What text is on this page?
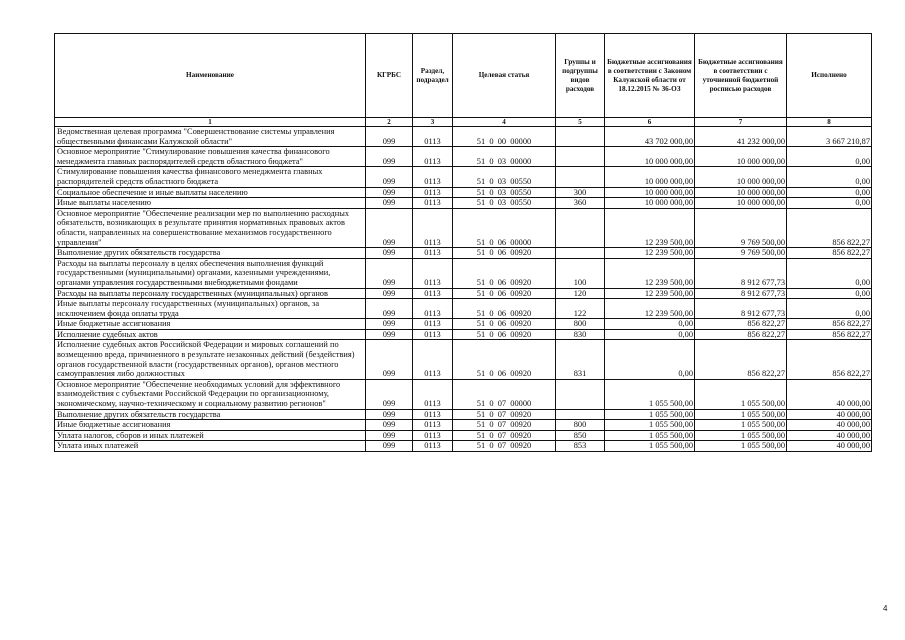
Наименование	КГРБС	Раздел, подраздел	Целевая статья	Группы и подгруппы видов расходов	Бюджетные ассигнования в соответствии с Законом Калужской области от 18.12.2015 № 36-ОЗ	Бюджетные ассигнования в соответствии с уточненной бюджетной росписью расходов	Исполнено
1	2	3	4	5	6	7	8
Ведомственная целевая программа "Совершенствование системы управления общественными финансами Калужской области"	099	0113	51  0  00  00000		43 702 000,00	41 232 000,00	3 667 210,87
Основное мероприятие "Стимулирование повышения качества финансового менеджмента главных распорядителей средств областного бюджета"	099	0113	51  0  03  00000		10 000 000,00	10 000 000,00	0,00
Стимулирование повышения качества финансового менеджмента главных распорядителей средств областного бюджета	099	0113	51  0  03  00550		10 000 000,00	10 000 000,00	0,00
Социальное обеспечение и иные выплаты населению	099	0113	51  0  03  00550	300	10 000 000,00	10 000 000,00	0,00
Иные выплаты населению	099	0113	51  0  03  00550	360	10 000 000,00	10 000 000,00	0,00
Основное мероприятие "Обеспечение реализации мер по выполнению расходных обязательств, возникающих в результате принятия нормативных правовых актов области, направленных на совершенствование механизмов государственного управления"	099	0113	51  0  06  00000		12 239 500,00	9 769 500,00	856 822,27
Выполнение других обязательств государства	099	0113	51  0  06  00920		12 239 500,00	9 769 500,00	856 822,27
Расходы на выплаты персоналу в целях обеспечения выполнения функций государственными (муниципальными) органами, казенными учреждениями, органами управления государственными внебюджетными фондами	099	0113	51  0  06  00920	100	12 239 500,00	8 912 677,73	0,00
Расходы на выплаты персоналу государственных (муниципальных) органов	099	0113	51  0  06  00920	120	12 239 500,00	8 912 677,73	0,00
Иные выплаты персоналу государственных (муниципальных) органов, за исключением фонда оплаты труда	099	0113	51  0  06  00920	122	12 239 500,00	8 912 677,73	0,00
Иные бюджетные ассигнования	099	0113	51  0  06  00920	800	0,00	856 822,27	856 822,27
Исполнение судебных актов	099	0113	51  0  06  00920	830	0,00	856 822,27	856 822,27
Исполнение судебных актов Российской Федерации и мировых соглашений по возмещению вреда, причиненного в результате незаконных действий (бездействия) органов государственной власти (государственных органов), органов местного самоуправления либо должностных	099	0113	51  0  06  00920	831	0,00	856 822,27	856 822,27
Основное мероприятие "Обеспечение необходимых условий для эффективного взаимодействия с субъектами Российской Федерации по организационному, экономическому, научно-техническому и социальному развитию регионов"	099	0113	51  0  07  00000		1 055 500,00	1 055 500,00	40 000,00
Выполнение других обязательств государства	099	0113	51  0  07  00920		1 055 500,00	1 055 500,00	40 000,00
Иные бюджетные ассигнования	099	0113	51  0  07  00920	800	1 055 500,00	1 055 500,00	40 000,00
Уплата налогов, сборов и иных платежей	099	0113	51  0  07  00920	850	1 055 500,00	1 055 500,00	40 000,00
Уплата иных платежей	099	0113	51  0  07  00920	853	1 055 500,00	1 055 500,00	40 000,00
4
